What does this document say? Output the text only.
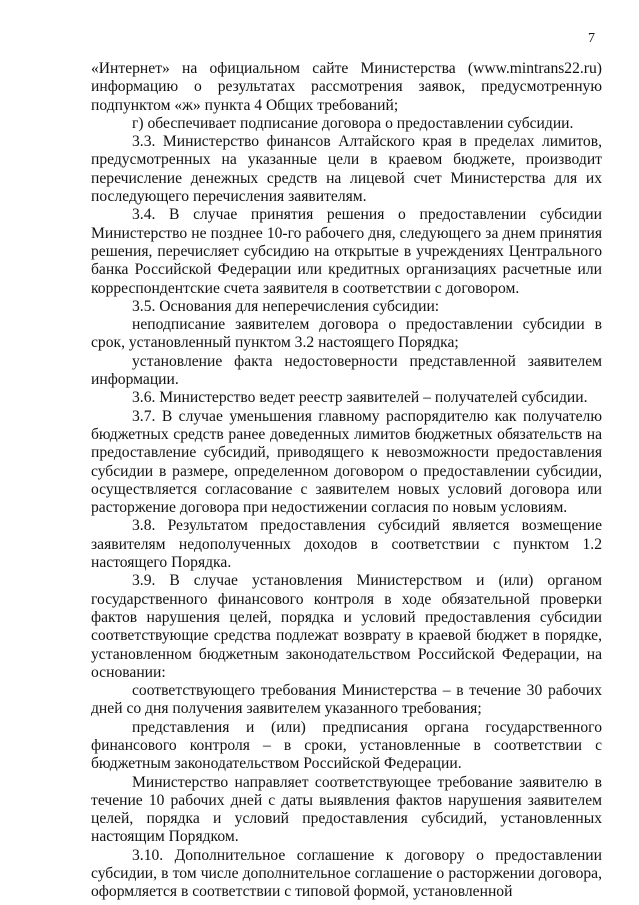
7

«Интернет» на официальном сайте Министерства (www.mintrans22.ru) информацию о результатах рассмотрения заявок, предусмотренную подпунктом «ж» пункта 4 Общих требований;

г) обеспечивает подписание договора о предоставлении субсидии.

3.3. Министерство финансов Алтайского края в пределах лимитов, предусмотренных на указанные цели в краевом бюджете, производит перечисление денежных средств на лицевой счет Министерства для их последующего перечисления заявителям.

3.4. В случае принятия решения о предоставлении субсидии Министерство не позднее 10-го рабочего дня, следующего за днем принятия решения, перечисляет субсидию на открытые в учреждениях Центрального банка Российской Федерации или кредитных организациях расчетные или корреспондентские счета заявителя в соответствии с договором.

3.5. Основания для неперечисления субсидии:

неподписание заявителем договора о предоставлении субсидии в срок, установленный пунктом 3.2 настоящего Порядка;

установление факта недостоверности представленной заявителем информации.

3.6. Министерство ведет реестр заявителей – получателей субсидии.

3.7. В случае уменьшения главному распорядителю как получателю бюджетных средств ранее доведенных лимитов бюджетных обязательств на предоставление субсидий, приводящего к невозможности предоставления субсидии в размере, определенном договором о предоставлении субсидии, осуществляется согласование с заявителем новых условий договора или расторжение договора при недостижении согласия по новым условиям.

3.8. Результатом предоставления субсидий является возмещение заявителям недополученных доходов в соответствии с пунктом 1.2 настоящего Порядка.

3.9. В случае установления Министерством и (или) органом государственного финансового контроля в ходе обязательной проверки фактов нарушения целей, порядка и условий предоставления субсидии соответствующие средства подлежат возврату в краевой бюджет в порядке, установленном бюджетным законодательством Российской Федерации, на основании:

соответствующего требования Министерства – в течение 30 рабочих дней со дня получения заявителем указанного требования;

представления и (или) предписания органа государственного финансового контроля – в сроки, установленные в соответствии с бюджетным законодательством Российской Федерации.

Министерство направляет соответствующее требование заявителю в течение 10 рабочих дней с даты выявления фактов нарушения заявителем целей, порядка и условий предоставления субсидий, установленных настоящим Порядком.

3.10. Дополнительное соглашение к договору о предоставлении субсидии, в том числе дополнительное соглашение о расторжении договора, оформляется в соответствии с типовой формой, установленной
